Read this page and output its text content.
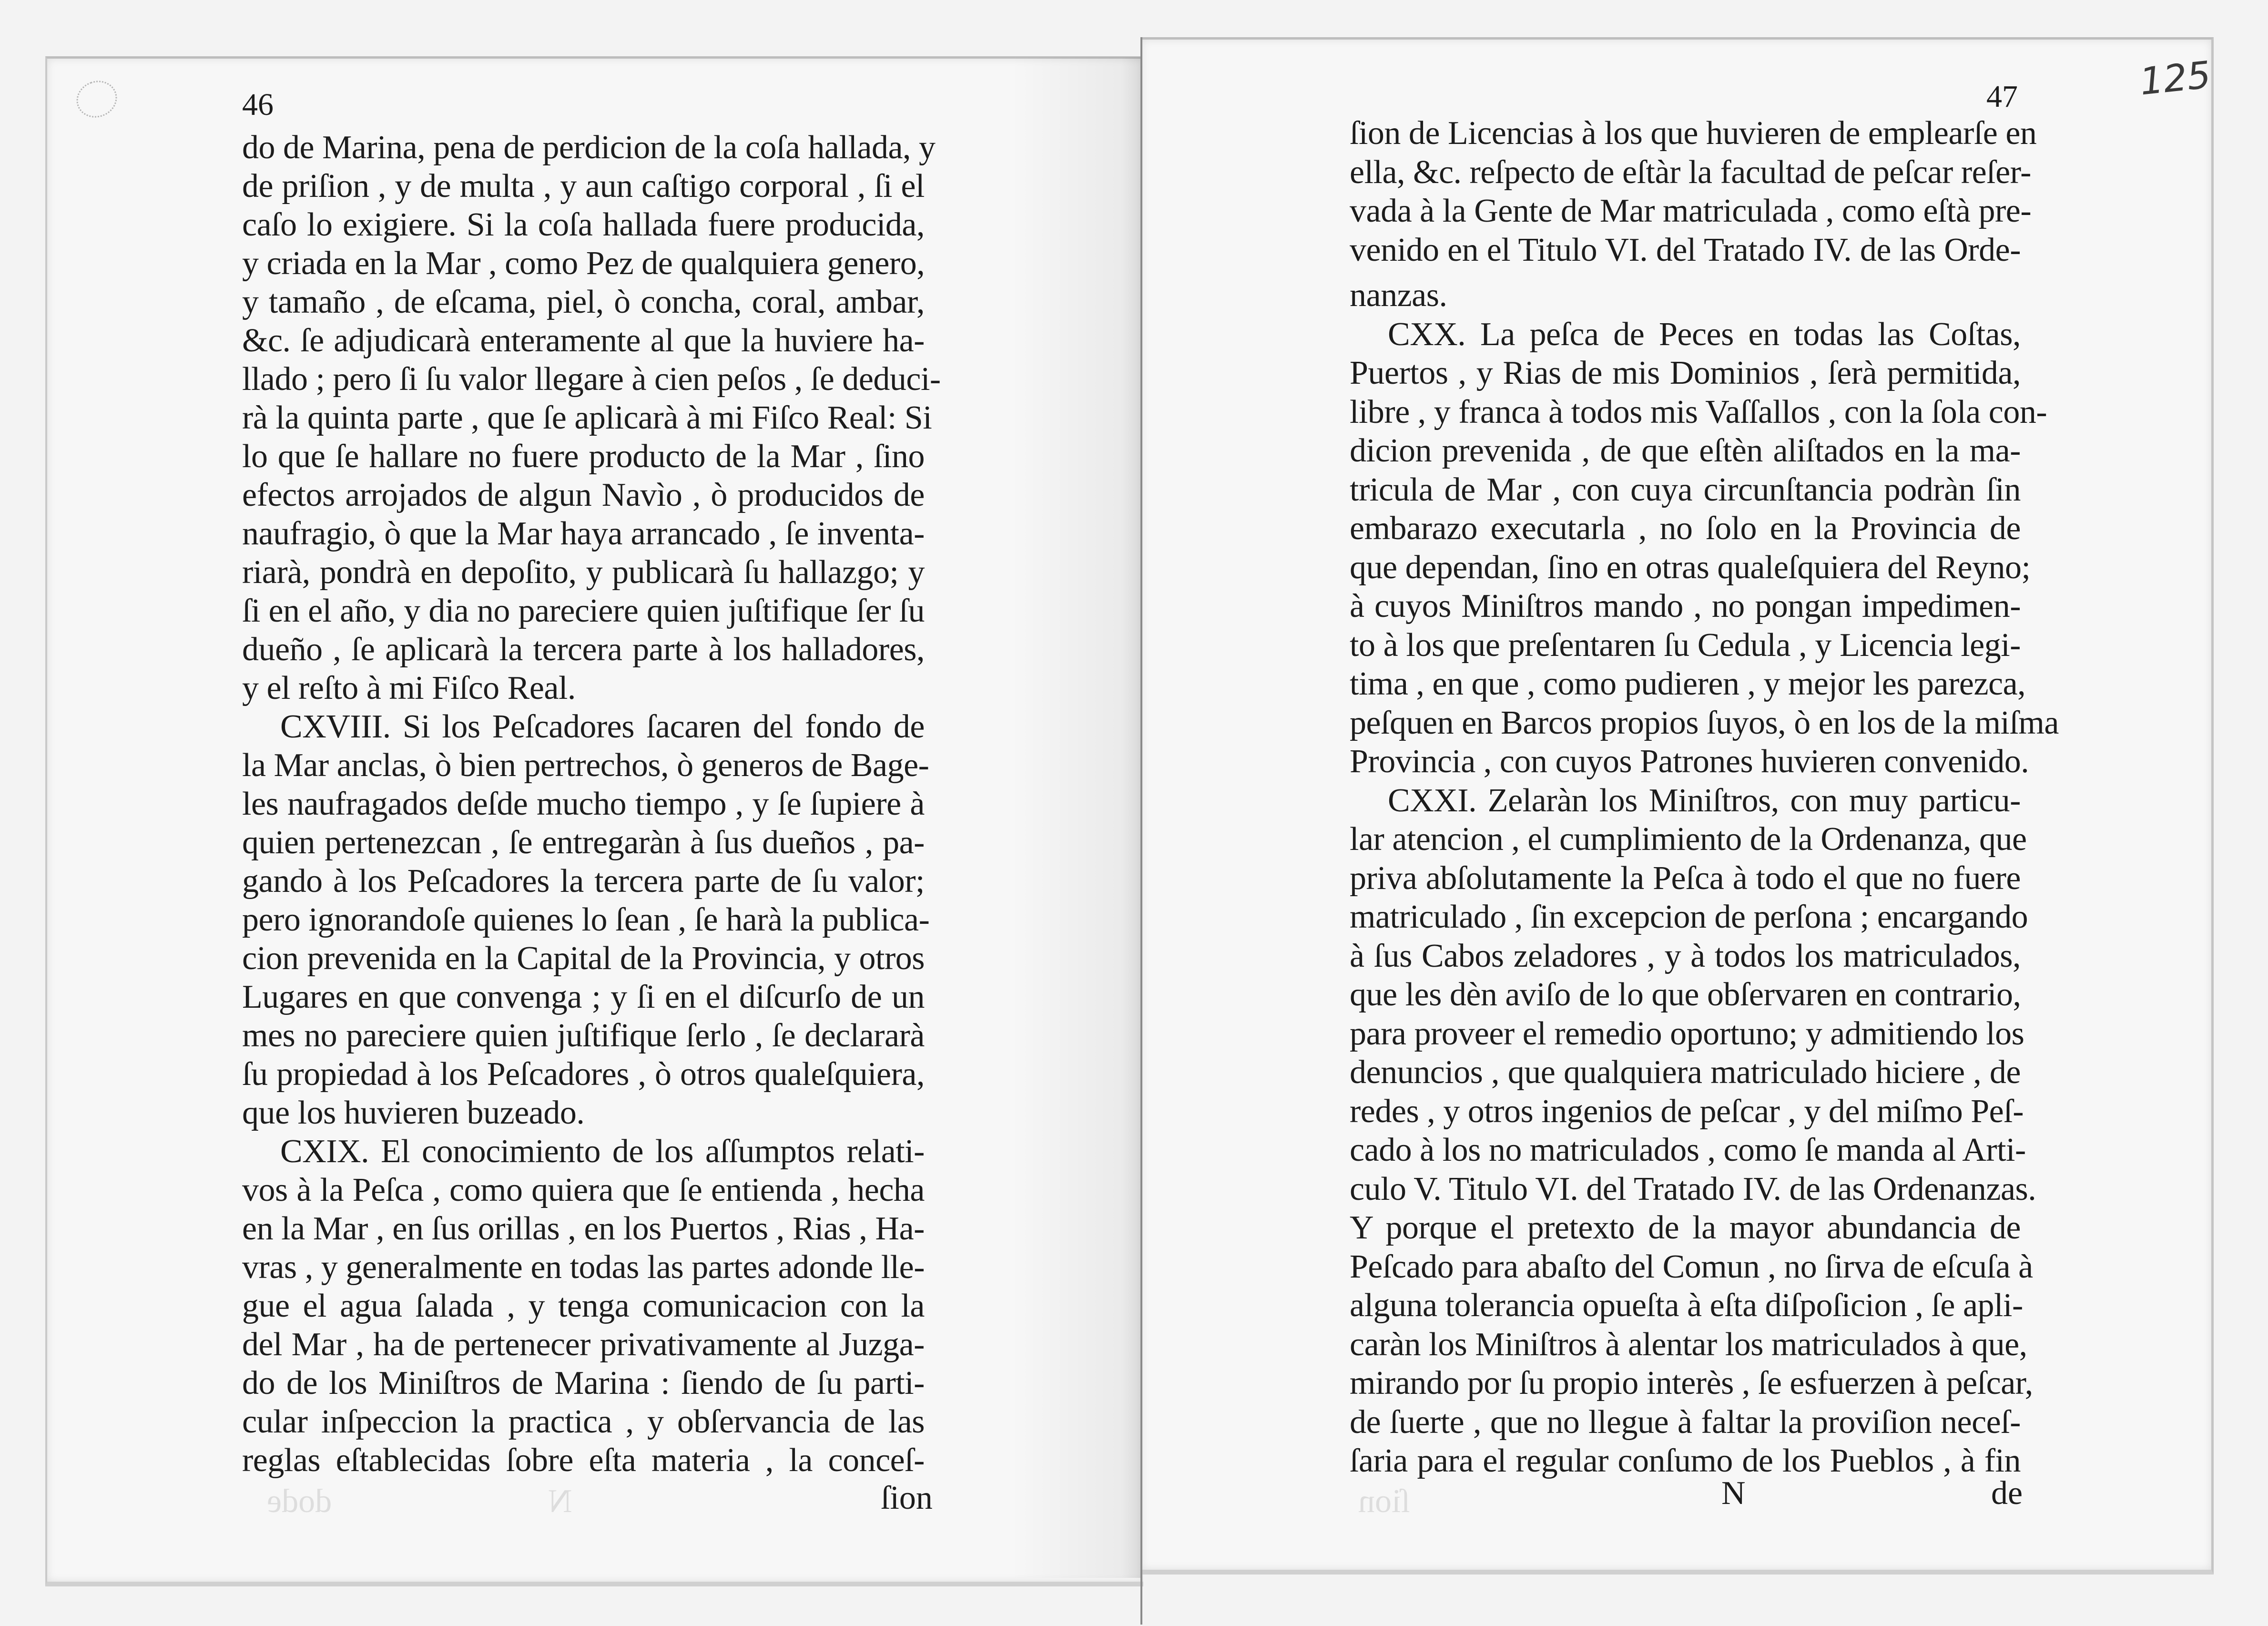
46	47	125
do de Marina, pena de perdicion de la coſa hallada, y
de priſion , y de multa , y aun caſtigo corporal , ſi el
caſo lo exigiere. Si la coſa hallada fuere producida,
y criada en la Mar , como Pez de qualquiera genero,
y tamaño , de eſcama, piel, ò concha, coral, ambar,
&c. ſe adjudicarà enteramente al que la huviere ha-
llado ; pero ſi ſu valor llegare à cien peſos , ſe deduci-
rà la quinta parte , que ſe aplicarà à mi Fiſco Real: Si
lo que ſe hallare no fuere producto de la Mar , ſino
efectos arrojados de algun Navìo , ò producidos de
naufragio, ò que la Mar haya arrancado , ſe inventa-
riarà, pondrà en depoſito, y publicarà ſu hallazgo; y
ſi en el año, y dia no pareciere quien juſtifique ſer ſu
dueño , ſe aplicarà la tercera parte à los halladores,
y el reſto à mi Fiſco Real.
CXVIII. Si los Peſcadores ſacaren del fondo de
la Mar anclas, ò bien pertrechos, ò generos de Bage-
les naufragados deſde mucho tiempo , y ſe ſupiere à
quien pertenezcan , ſe entregaràn à ſus dueños , pa-
gando à los Peſcadores la tercera parte de ſu valor;
pero ignorandoſe quienes lo ſean , ſe harà la publica-
cion prevenida en la Capital de la Provincia, y otros
Lugares en que convenga ; y ſi en el diſcurſo de un
mes no pareciere quien juſtifique ſerlo , ſe declararà
ſu propiedad à los Peſcadores , ò otros qualeſquiera,
que los huvieren buzeado.
CXIX. El conocimiento de los aſſumptos relati-
vos à la Peſca , como quiera que ſe entienda , hecha
en la Mar , en ſus orillas , en los Puertos , Rias , Ha-
vras , y generalmente en todas las partes adonde lle-
gue el agua ſalada , y tenga comunicacion con la
del Mar , ha de pertenecer privativamente al Juzga-
do de los Miniſtros de Marina : ſiendo de ſu parti-
cular inſpeccion la practica , y obſervancia de las
reglas eſtablecidas ſobre eſta materia , la conceſ-
ſion de Licencias à los que huvieren de emplearſe en
ella, &c. reſpecto de eſtàr la facultad de peſcar reſer-
vada à la Gente de Mar matriculada , como eſtà pre-
venido en el Titulo VI. del Tratado IV. de las Orde-
nanzas.
CXX. La peſca de Peces en todas las Coſtas,
Puertos , y Rias de mis Dominios , ſerà permitida,
libre , y franca à todos mis Vaſſallos , con la ſola con-
dicion prevenida , de que eſtèn aliſtados en la ma-
tricula de Mar , con cuya circunſtancia podràn ſin
embarazo executarla , no ſolo en la Provincia de
que dependan, ſino en otras qualeſquiera del Reyno;
à cuyos Miniſtros mando , no pongan impedimen-
to à los que preſentaren ſu Cedula , y Licencia legi-
tima , en que , como pudieren , y mejor les parezca,
peſquen en Barcos propios ſuyos, ò en los de la miſma
Provincia , con cuyos Patrones huvieren convenido.
CXXI. Zelaràn los Miniſtros, con muy particu-
lar atencion , el cumplimiento de la Ordenanza, que
priva abſolutamente la Peſca à todo el que no fuere
matriculado , ſin excepcion de perſona ; encargando
à ſus Cabos zeladores , y à todos los matriculados,
que les dèn aviſo de lo que obſervaren en contrario,
para proveer el remedio oportuno; y admitiendo los
denuncios , que qualquiera matriculado hiciere , de
redes , y otros ingenios de peſcar , y del miſmo Peſ-
cado à los no matriculados , como ſe manda al Arti-
culo V. Titulo VI. del Tratado IV. de las Ordenanzas.
Y porque el pretexto de la mayor abundancia de
Peſcado para abaſto del Comun , no ſirva de eſcuſa à
alguna tolerancia opueſta à eſta diſpoſicion , ſe apli-
caràn los Miniſtros à alentar los matriculados à que,
mirando por ſu propio interès , ſe esfuerzen à peſcar,
de ſuerte , que no llegue à faltar la proviſion neceſ-
ſaria para el regular conſumo de los Pueblos , à fin
ſion	N	de
dode	N	ſion
